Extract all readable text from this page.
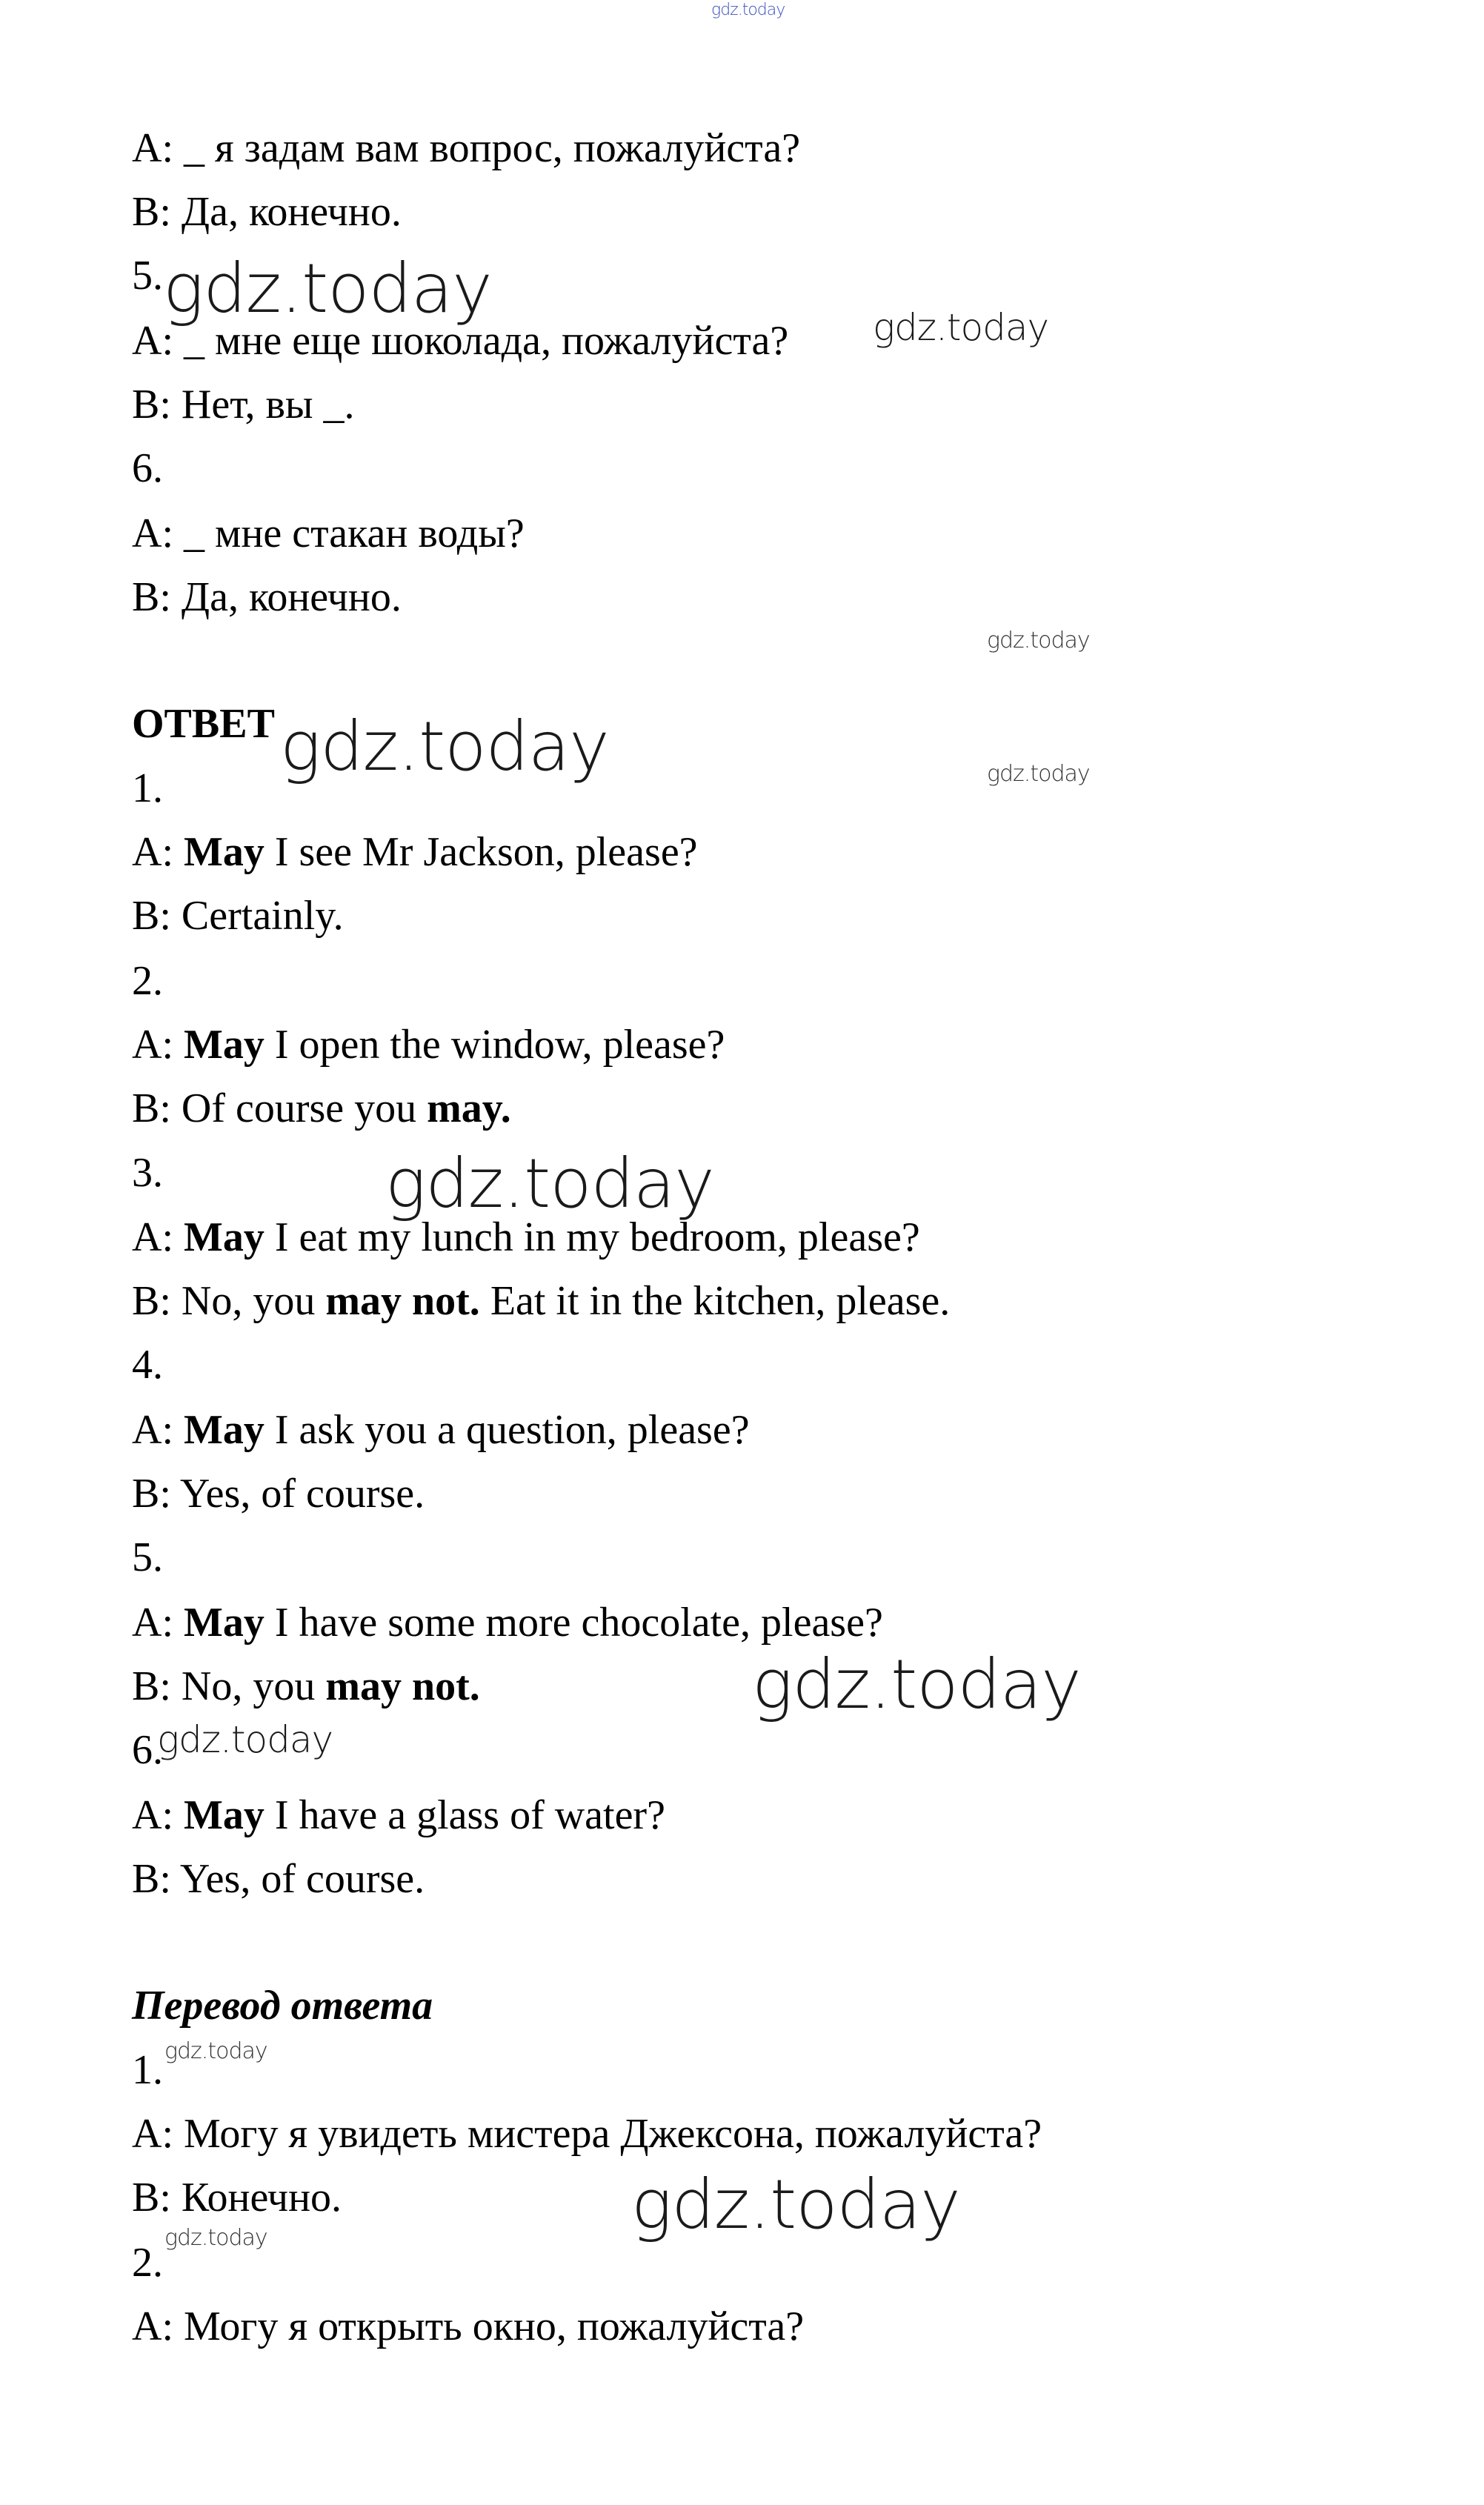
gdz.today
A: _ я задам вам вопрос, пожалуйста?
B: Да, конечно.
5.
A: _ мне еще шоколада, пожалуйста?
B: Нет, вы _.
6.
A: _ мне стакан воды?
B: Да, конечно.
ОТВЕТ
1.
A: May I see Mr Jackson, please?
B: Certainly.
2.
A: May I open the window, please?
B: Of course you may.
3.
A: May I eat my lunch in my bedroom, please?
B: No, you may not. Eat it in the kitchen, please.
4.
A: May I ask you a question, please?
B: Yes, of course.
5.
A: May I have some more chocolate, please?
B: No, you may not.
6.
A: May I have a glass of water?
B: Yes, of course.
Перевод ответа
1.
A: Могу я увидеть мистера Джексона, пожалуйста?
B: Конечно.
2.
A: Могу я открыть окно, пожалуйста?
gdz.today	gdz.today
gdz.today
gdz.today	gdz.today
gdz.today
gdz.today
gdz.today
gdz.today
gdz.today
gdz.today
